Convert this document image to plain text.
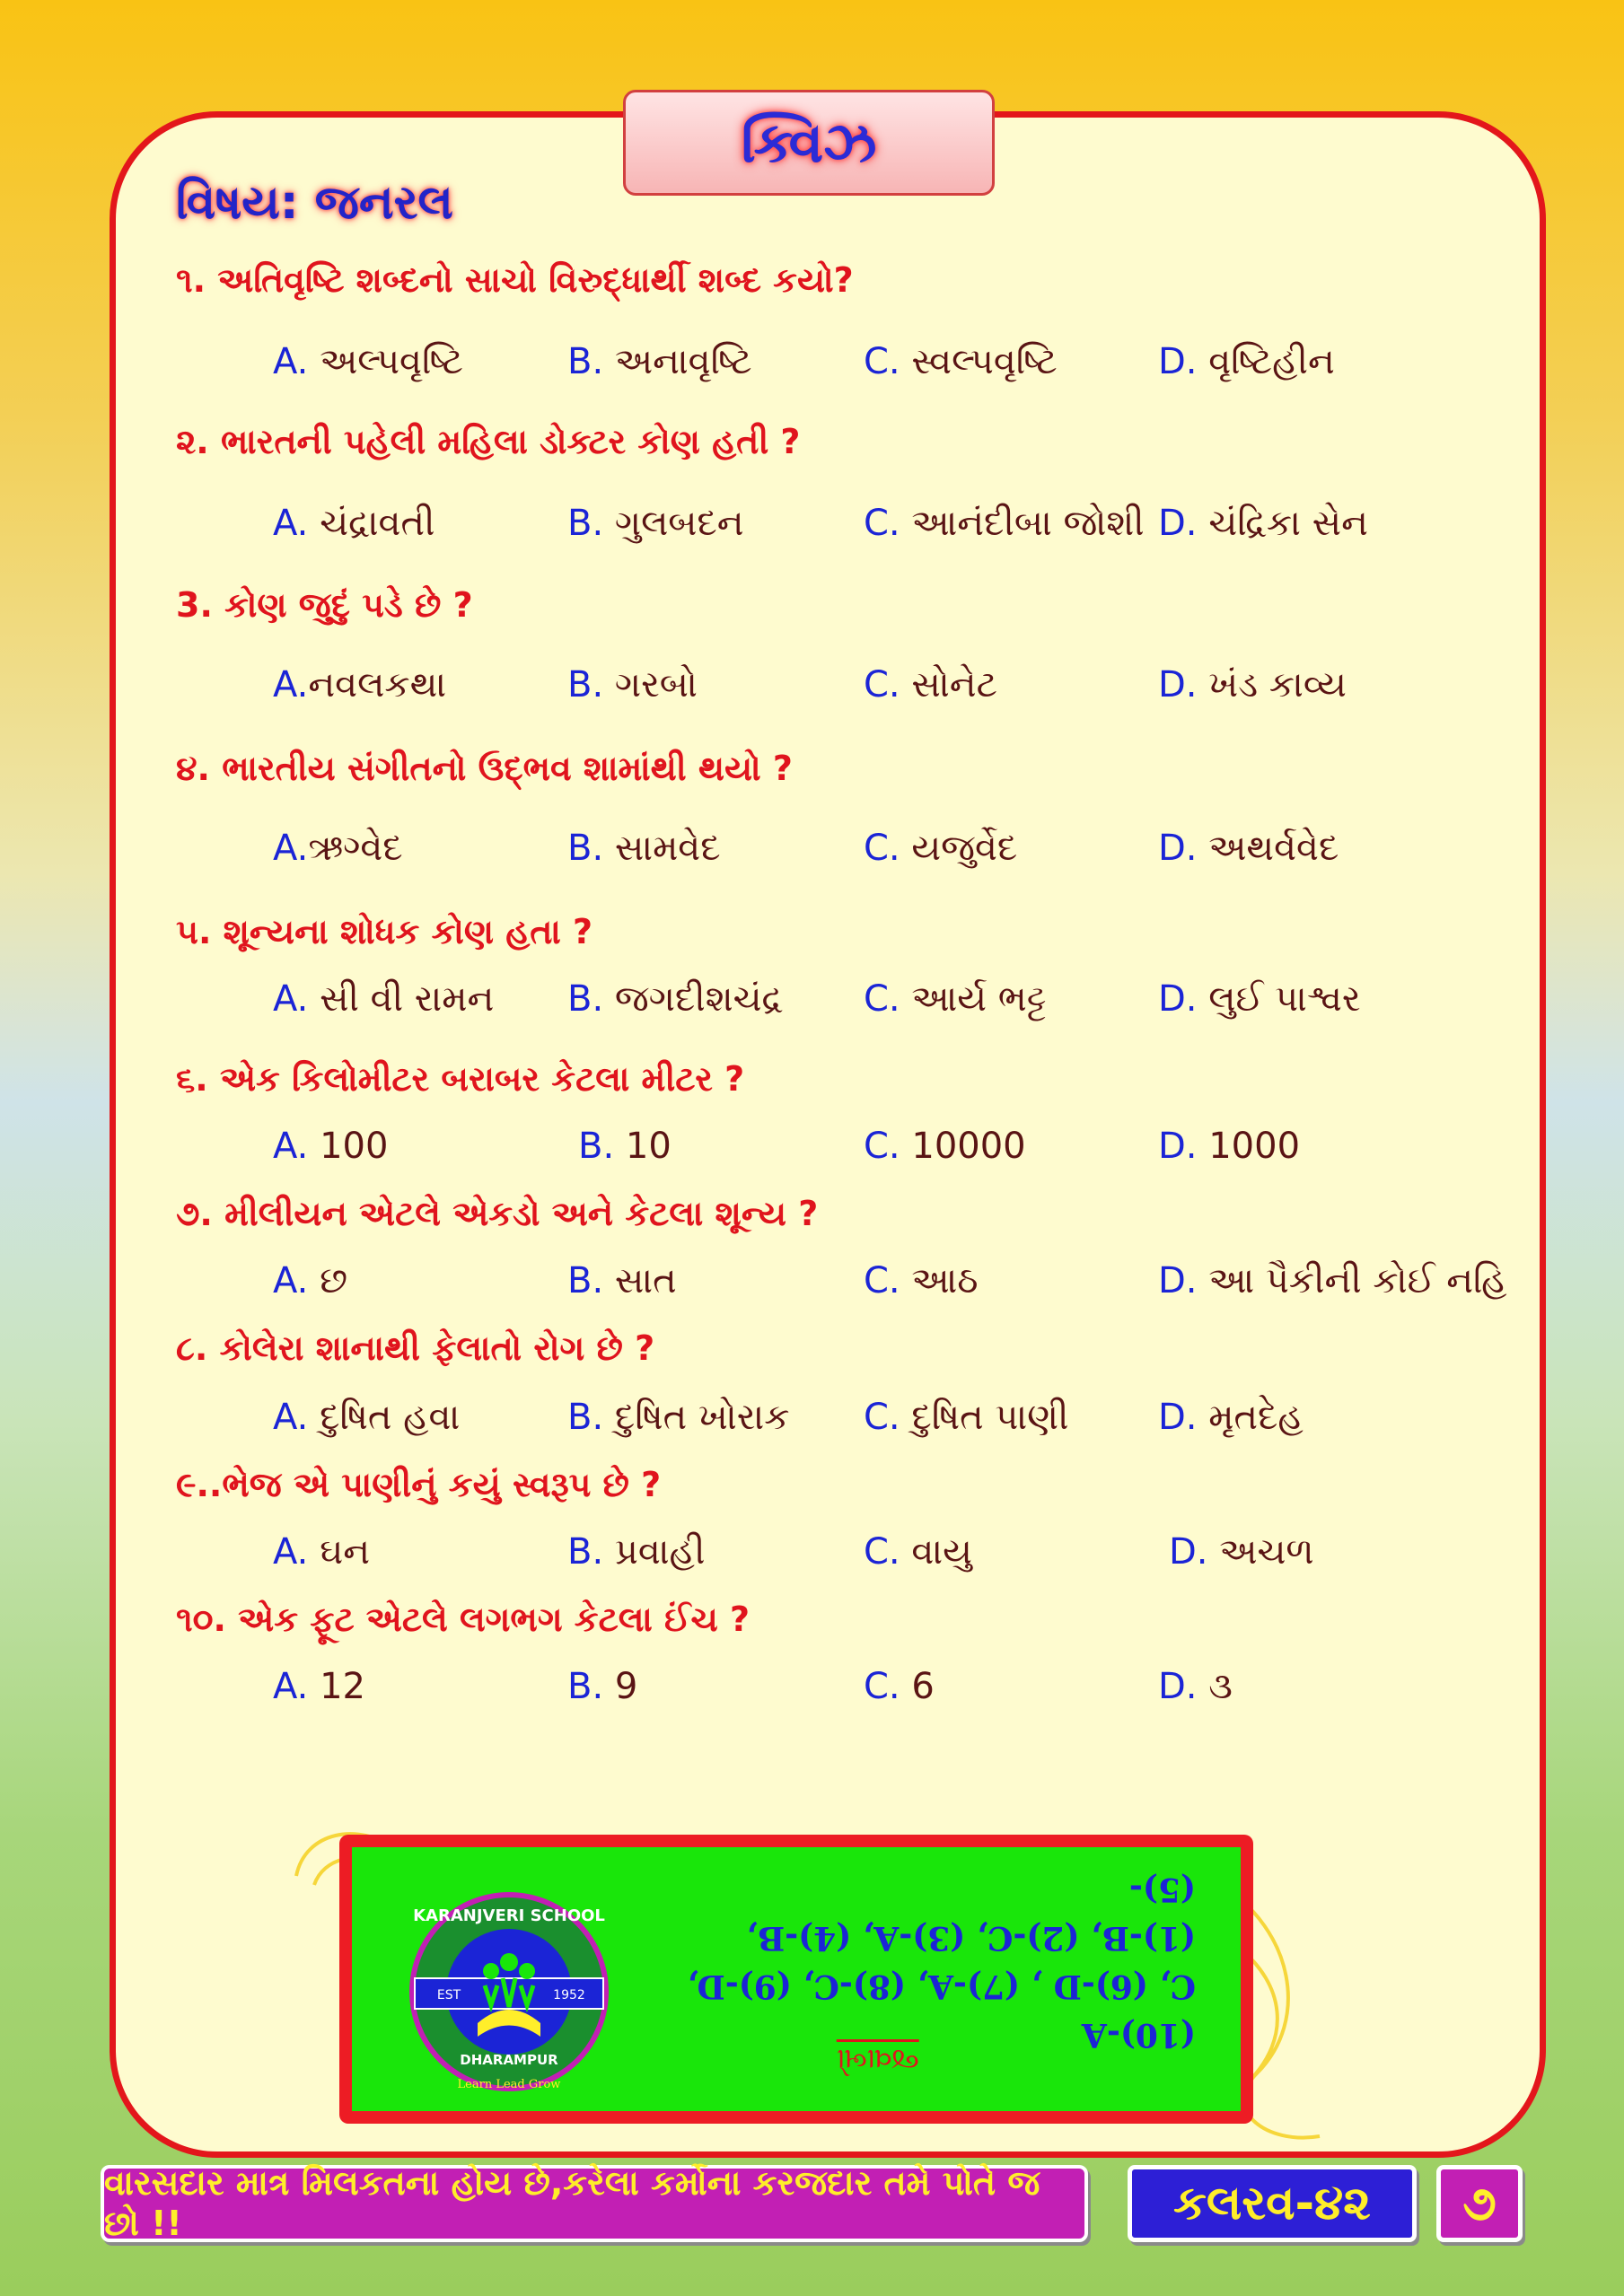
ક્વિઝ
વિષય: જનરલ
૧. અતિવૃષ્ટિ શબ્દનો સાચો વિરુદ્ધાર્થી શબ્દ કયો?
૨. ભારતની પહેલી મહિલા ડોક્ટર કોણ હતી ?
3. કોણ જુદું પડે છે ?
૪. ભારતીય સંગીતનો ઉદ્ભવ શામાંથી થયો ?
૫. શૂન્યના શોધક કોણ હતા ?
૬. એક કિલોમીટર બરાબર કેટલા મીટર ?
૭. મીલીયન એટલે એકડો અને કેટલા શૂન્ય ?
૮. કોલેરા શાનાથી ફેલાતો રોગ છે ?
૯..ભેજ એ પાણીનું કયું સ્વરૂપ છે ?
૧૦. એક ફૂટ એટલે લગભગ કેટલા ઈંચ ?
A. અલ્પવૃષ્ટિ	B. અનાવૃષ્ટિ	C. સ્વલ્પવૃષ્ટિ	D. વૃષ્ટિહીન
A. ચંદ્રાવતી	B. ગુલબદન	C. આનંદીબા જોશી D. ચંદ્રિકા સેન
A.નવલકથા	B. ગરબો	C. સોનેટ	D. ખંડ કાવ્ય
A.ઋગ્વેદ	B. સામવેદ	C. યજુર્વેદ	D. અથર્વવેદ
A. સી વી રામન B. જગદીશચંદ્ર C. આર્ય ભટ્ટ	D. લુઈ પાશ્વર
A. 100	B. 10	C. 10000	D. 1000
A. છ	B. સાત	C. આઠ	D. આ પૈકીની કોઈ નહિ
A. દુષિત હવા	B. દુષિત ખોરાક C. દુષિત પાણી D. મૃતદેહ
A. ઘન	B. પ્રવાહી	C. વાયુ	D. અચળ
A. 12	B. 9	C. 6	D. ૩
KARANJVERI SCHOOL
EST	1952
DHARAMPUR
Learn Lead Grow
(10)-A
C, (6)-D , (7)-A, (8)-C, (9)-D,
(1)-B, (2)-C, (3)-A, (4)-B, (5)-
જવાબો
વારસદાર માત્ર મિલકતના હોય છે,કરેલા કર્મોના કરજદાર તમે પોતે જ છો !!	કલરવ-૪૨	૭
